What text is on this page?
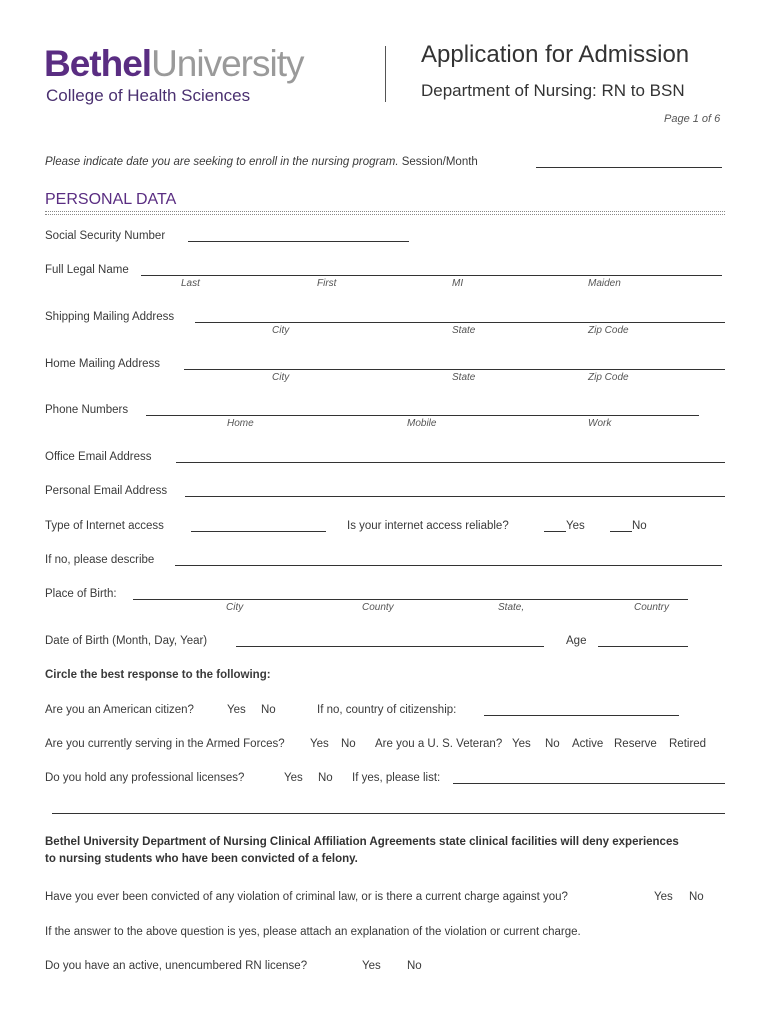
BethelUniversity
College of Health Sciences
Application for Admission
Department of Nursing: RN to BSN
Page 1 of 6
Please indicate date you are seeking to enroll in the nursing program. Session/Month
PERSONAL DATA
Social Security Number
Full Legal Name
Last	First	MI	Maiden
Shipping Mailing Address
City	State	Zip Code
Home Mailing Address
City	State	Zip Code
Phone Numbers
Home	Mobile	Work
Office Email Address
Personal Email Address
Type of Internet access	Is your internet access reliable?	Yes	No
If no, please describe
Place of Birth:
City	County	State,	Country
Date of Birth (Month, Day, Year)	Age
Circle the best response to the following:
Are you an American citizen?	Yes No	If no, country of citizenship:
Are you currently serving in the Armed Forces? Yes No Are you a U. S. Veteran? Yes No Active Reserve Retired
Do you hold any professional licenses?	Yes No If yes, please list:
Bethel University Department of Nursing Clinical Affiliation Agreements state clinical facilities will deny experiences to nursing students who have been convicted of a felony.
Have you ever been convicted of any violation of criminal law, or is there a current charge against you?	Yes No
If the answer to the above question is yes, please attach an explanation of the violation or current charge.
Do you have an active, unencumbered RN license?	Yes No
